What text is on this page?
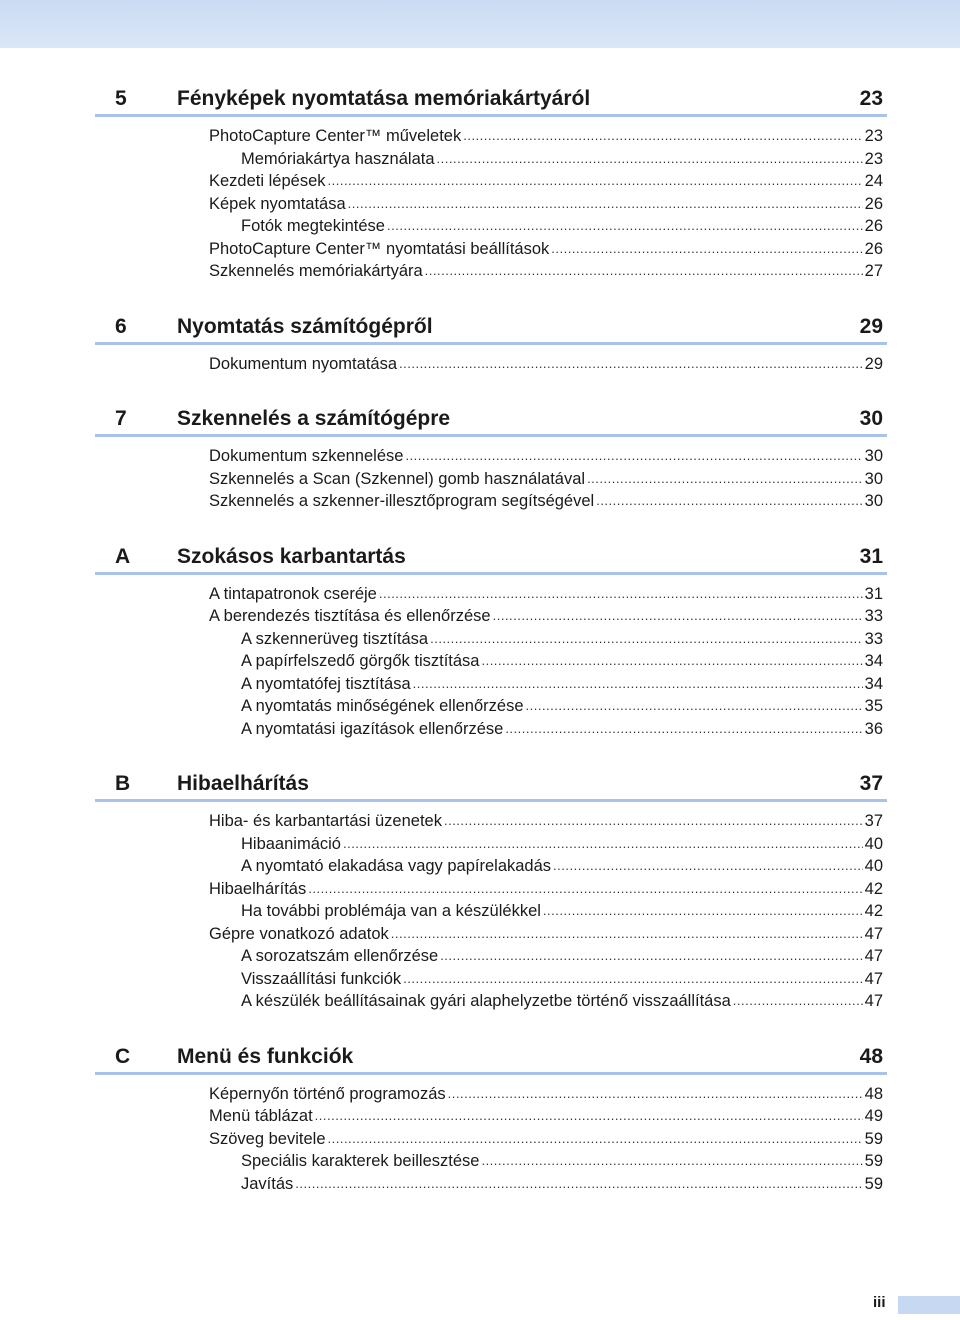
5	Fényképek nyomtatása memóriakártyáról	23
PhotoCapture Center™ műveletek .....	23
Memóriakártya használata .....	23
Kezdeti lépések .....	24
Képek nyomtatása .....	26
Fotók megtekintése .....	26
PhotoCapture Center™ nyomtatási beállítások .....	26
Szkennelés memóriakártyára .....	27
6	Nyomtatás számítógépről	29
Dokumentum nyomtatása .....	29
7	Szkennelés a számítógépre	30
Dokumentum szkennelése .....	30
Szkennelés a Scan (Szkennel) gomb használatával .....	30
Szkennelés a szkenner-illesztőprogram segítségével .....	30
A	Szokásos karbantartás	31
A tintapatronok cseréje .....	31
A berendezés tisztítása és ellenőrzése .....	33
A szkennerüveg tisztítása .....	33
A papírfelszedő görgők tisztítása .....	34
A nyomtatófej tisztítása .....	34
A nyomtatás minőségének ellenőrzése .....	35
A nyomtatási igazítások ellenőrzése .....	36
B	Hibaelhárítás	37
Hiba- és karbantartási üzenetek .....	37
Hibaanimáció .....	40
A nyomtató elakadása vagy papírelakadás .....	40
Hibaelhárítás .....	42
Ha további problémája van a készülékkel .....	42
Gépre vonatkozó adatok .....	47
A sorozatszám ellenőrzése .....	47
Visszaállítási funkciók .....	47
A készülék beállításainak gyári alaphelyzetbe történő visszaállítása .....	47
C	Menü és funkciók	48
Képernyőn történő programozás .....	48
Menü táblázat .....	49
Szöveg bevitele .....	59
Speciális karakterek beillesztése .....	59
Javítás .....	59
iii
